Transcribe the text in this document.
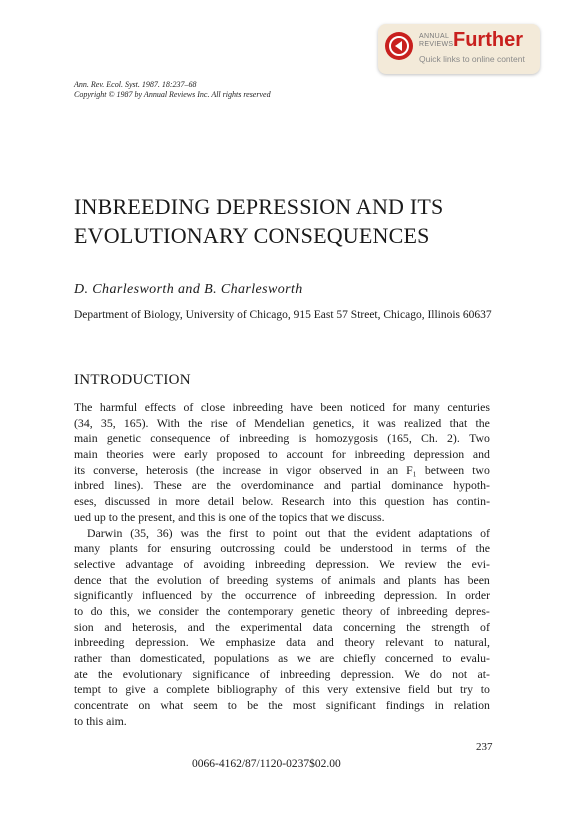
ANNUAL
REVIEWS Further
Quick links to online content
Ann. Rev. Ecol. Syst. 1987. 18:237–68
Copyright © 1987 by Annual Reviews Inc. All rights reserved
INBREEDING DEPRESSION AND ITS
EVOLUTIONARY CONSEQUENCES
D. Charlesworth and B. Charlesworth
Department of Biology, University of Chicago, 915 East 57 Street, Chicago, Illinois 60637
INTRODUCTION
The harmful effects of close inbreeding have been noticed for many centuries
(34, 35, 165). With the rise of Mendelian genetics, it was realized that the
main genetic consequence of inbreeding is homozygosis (165, Ch. 2). Two
main theories were early proposed to account for inbreeding depression and
its converse, heterosis (the increase in vigor observed in an F₁ between two
inbred lines). These are the overdominance and partial dominance hypoth-
eses, discussed in more detail below. Research into this question has contin-
ued up to the present, and this is one of the topics that we discuss.
Darwin (35, 36) was the first to point out that the evident adaptations of
many plants for ensuring outcrossing could be understood in terms of the
selective advantage of avoiding inbreeding depression. We review the evi-
dence that the evolution of breeding systems of animals and plants has been
significantly influenced by the occurrence of inbreeding depression. In order
to do this, we consider the contemporary genetic theory of inbreeding depres-
sion and heterosis, and the experimental data concerning the strength of
inbreeding depression. We emphasize data and theory relevant to natural,
rather than domesticated, populations as we are chiefly concerned to evalu-
ate the evolutionary significance of inbreeding depression. We do not at-
tempt to give a complete bibliography of this very extensive field but try to
concentrate on what seem to be the most significant findings in relation
to this aim.
237
0066-4162/87/1120-0237$02.00
